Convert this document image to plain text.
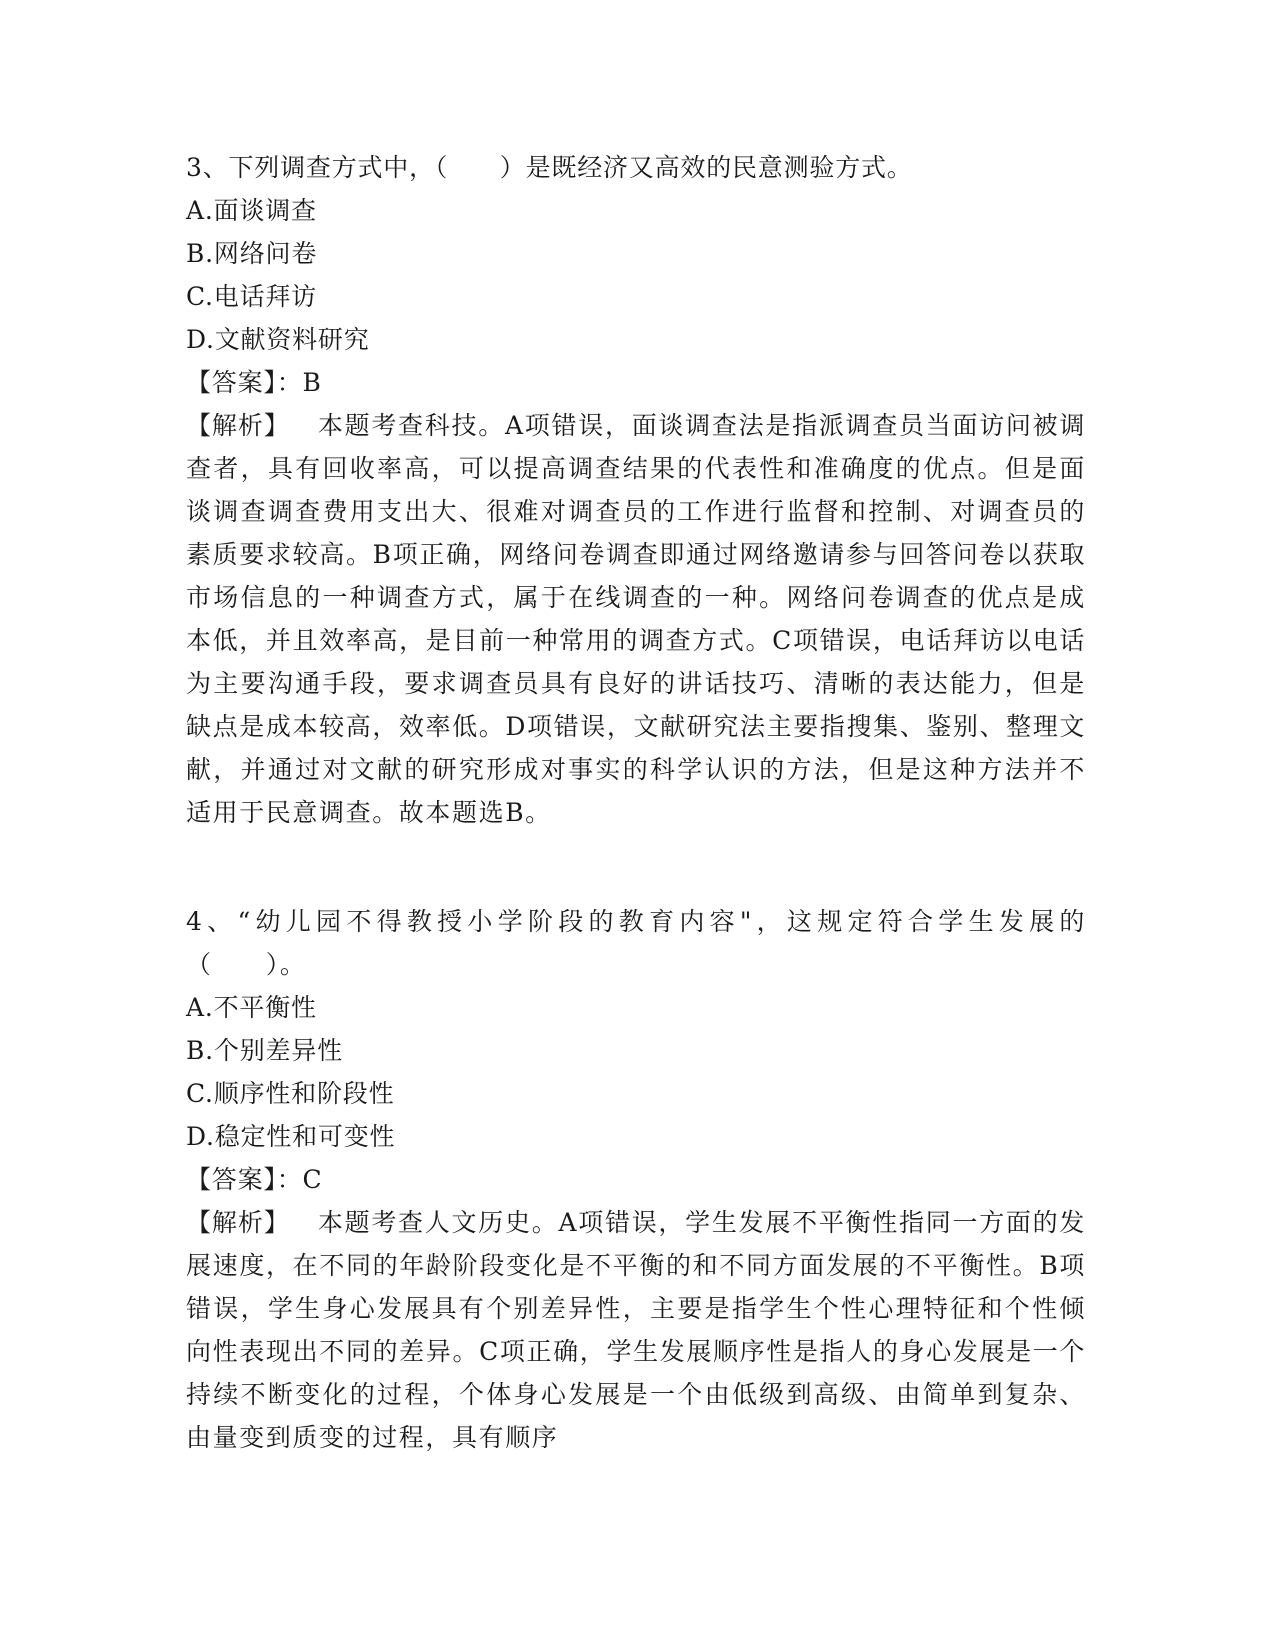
3、下列调查方式中，（　　）是既经济又高效的民意测验方式。

A.面谈调查

B.网络问卷

C.电话拜访

D.文献资料研究

【答案】：B

【解析】 本题考查科技。A项错误，面谈调查法是指派调查员当面访问被调查者，具有回收率高，可以提高调查结果的代表性和准确度的优点。但是面谈调查调查费用支出大、很难对调查员的工作进行监督和控制、对调查员的素质要求较高。B项正确，网络问卷调查即通过网络邀请参与回答问卷以获取市场信息的一种调查方式，属于在线调查的一种。网络问卷调查的优点是成本低，并且效率高，是目前一种常用的调查方式。C项错误，电话拜访以电话为主要沟通手段，要求调查员具有良好的讲话技巧、清晰的表达能力，但是缺点是成本较高，效率低。D项错误，文献研究法主要指搜集、鉴别、整理文献，并通过对文献的研究形成对事实的科学认识的方法，但是这种方法并不适用于民意调查。故本题选B。

4、“幼儿园不得教授小学阶段的教育内容"，这规定符合学生发展的（　　）。

A.不平衡性

B.个别差异性

C.顺序性和阶段性

D.稳定性和可变性

【答案】：C

【解析】 本题考查人文历史。A项错误，学生发展不平衡性指同一方面的发展速度，在不同的年龄阶段变化是不平衡的和不同方面发展的不平衡性。B项错误，学生身心发展具有个别差异性，主要是指学生个性心理特征和个性倾向性表现出不同的差异。C项正确，学生发展顺序性是指人的身心发展是一个持续不断变化的过程，个体身心发展是一个由低级到高级、由简单到复杂、由量变到质变的过程，具有顺序
